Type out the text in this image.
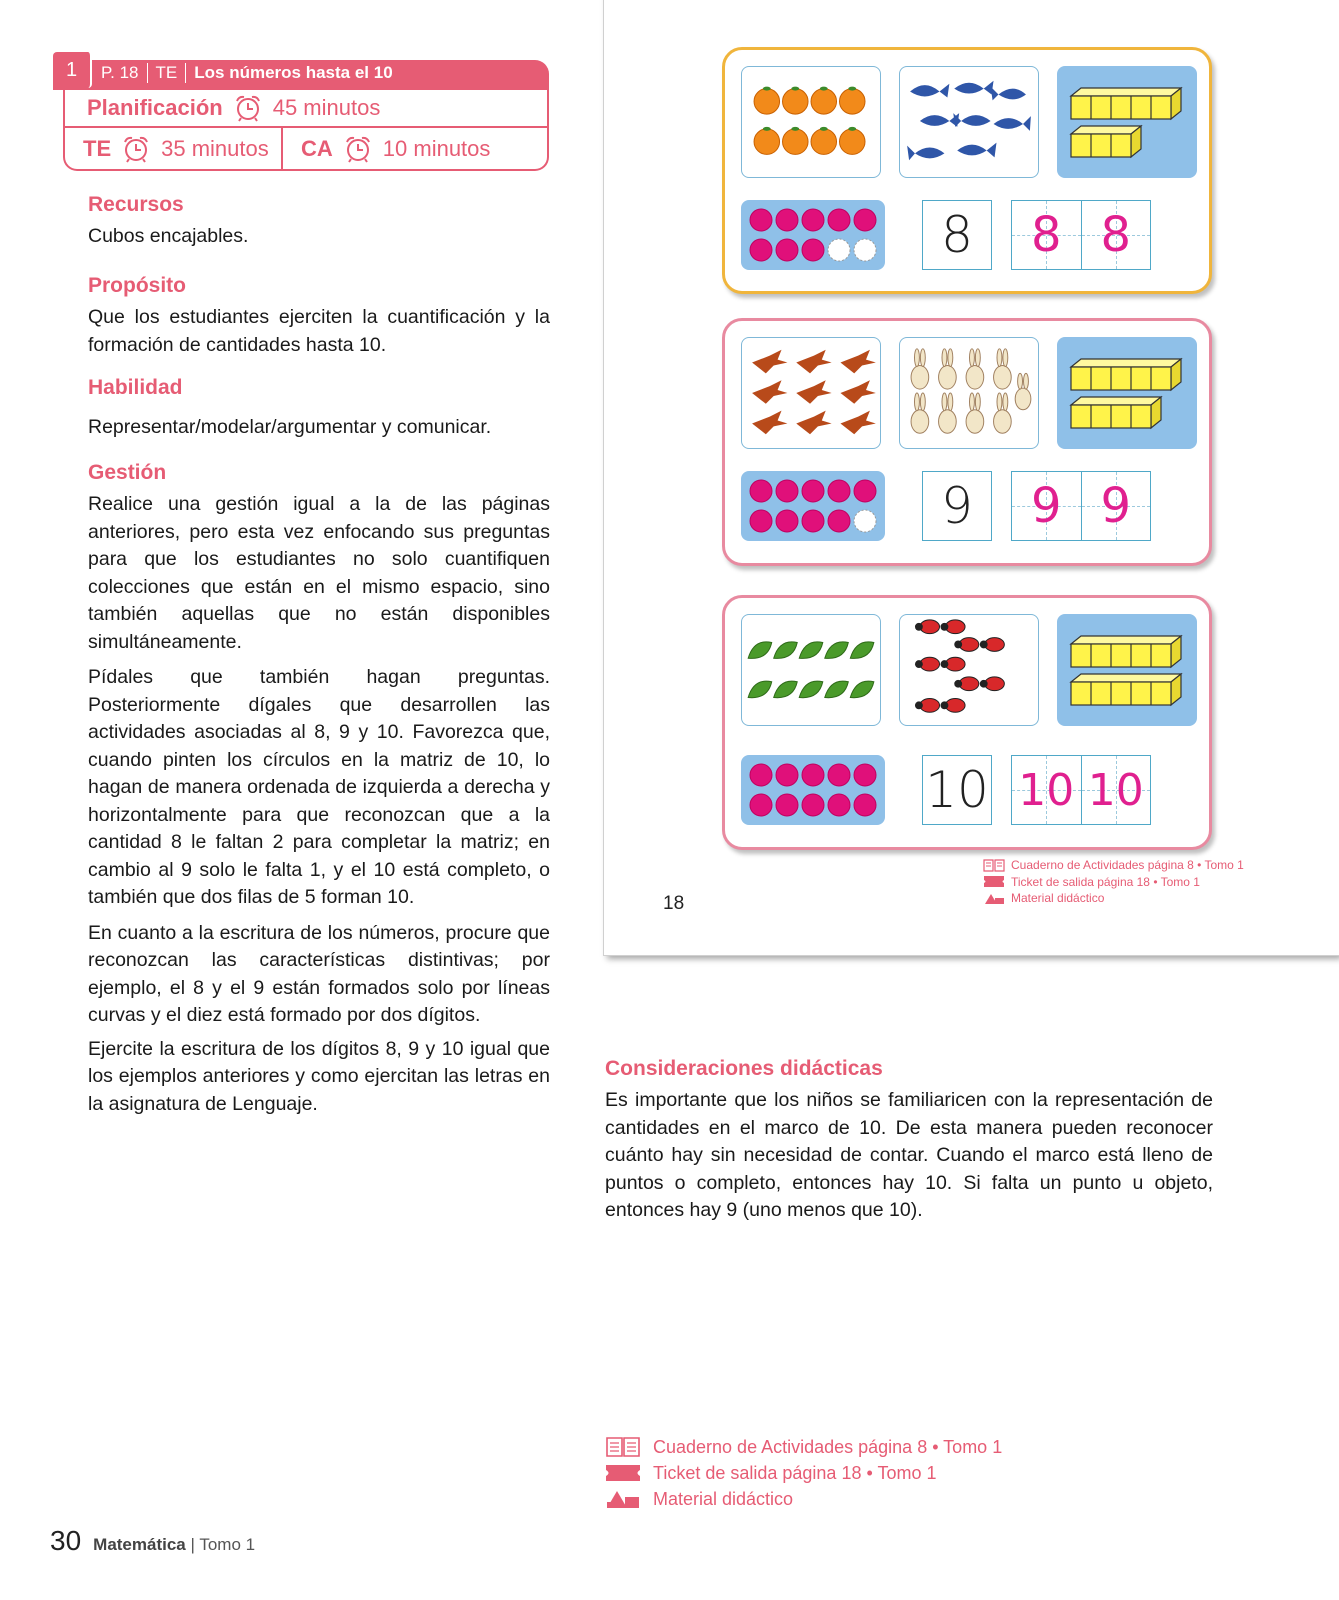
1	P. 18 TE Los números hasta el 10
Planificación 45 minutos
TE 35 minutos CA 10 minutos
Recursos
Cubos encajables.
Propósito
Que los estudiantes ejerciten la cuantificación y la formación de cantidades hasta 10.
Habilidad
Representar/modelar/argumentar y comunicar.
Gestión
Realice una gestión igual a la de las páginas anteriores, pero esta vez enfocando sus preguntas para que los estudiantes no solo cuantifiquen colecciones que están en el mismo espacio, sino también aquellas que no están disponibles simultáneamente.
Pídales que también hagan preguntas. Posteriormente dígales que desarrollen las actividades asociadas al 8, 9 y 10. Favorezca que, cuando pinten los círculos en la matriz de 10, lo hagan de manera ordenada de izquierda a derecha y horizontalmente para que reconozcan que a la cantidad 8 le faltan 2 para completar la matriz; en cambio al 9 solo le falta 1, y el 10 está completo, o también que dos filas de 5 forman 10.
En cuanto a la escritura de los números, procure que reconozcan las características distintivas; por ejemplo, el 8 y el 9 están formados solo por líneas curvas y el diez está formado por dos dígitos.
Ejercite la escritura de los dígitos 8, 9 y 10 igual que los ejemplos anteriores y como ejercitan las letras en la asignatura de Lenguaje.
8	8 8
9	9 9
10 10 10
18
Cuaderno de Actividades página 8 • Tomo 1
Ticket de salida página 18 • Tomo 1
Material didáctico
Consideraciones didácticas
Es importante que los niños se familiaricen con la representación de cantidades en el marco de 10. De esta manera pueden reconocer cuánto hay sin necesidad de contar. Cuando el marco está lleno de puntos o completo, entonces hay 10. Si falta un punto u objeto, entonces hay 9 (uno menos que 10).
Cuaderno de Actividades página 8 • Tomo 1
Ticket de salida página 18 • Tomo 1
Material didáctico
30 Matemática | Tomo 1
